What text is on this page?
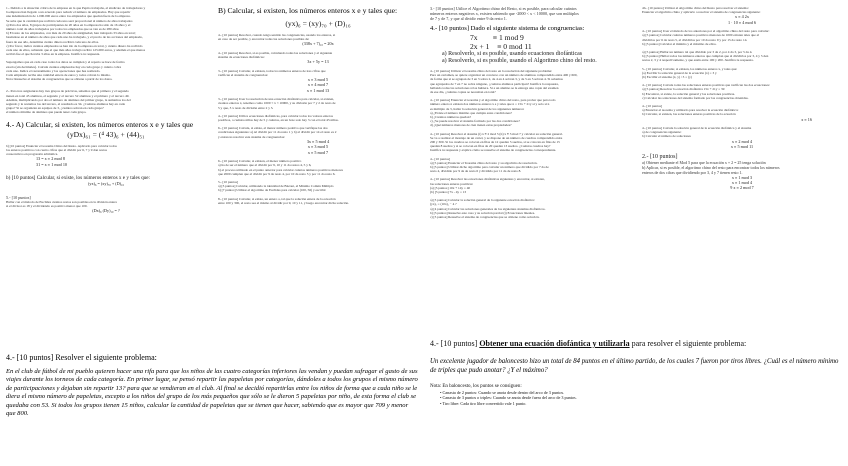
1.- Debido a la situación crítica de la empresa en la que Pepito trabajaba, el sindicato de trabajadores y
la empresa han llegado a un acuerdo para reducir el número de empleados. Hay que repartir
una indemnización de 1.000.000 euros entre los empleados que quedan fuera de la empresa.
Se sabe que la cantidad que recibirá cada uno será proporcional al número de años trabajados
a) Para dos años, 8 grupos de participantes de 20 años en la empresa ha sido de 16 años y el
número total de años trabajados por todos los empleados que se van es de 280 años
b) El resto de los empleados, con más de 20 años de antigüedad, han trabajado 33 años en total;
basándose en el número de años que cada uno ha trabajado, y el precio de las acciones del empleado,
fuera de ese año, determina cuánto dinero recibirá cada uno de ellos.
c) Por favor, indica cuántos empleados se han ido de la empresa en total, y cuánto dinero ha recibido
cada uno de ellos, sabiendo que el que más años trabajó recibió 125.000 euros, y además el que menos
recibió fue el que llevaba 3 años en la empresa. Justifica tu respuesta.
Supongamos que en cada caso todos los datos se cumplen y el reparto se hace de forma
exacta (sin decimales). Calcula cuántos empleados hay en cada grupo y cuánto cobra
cada uno. Indica el razonamiento y las operaciones que has realizado.
Cada empleado recibe una cantidad entera de euros y todos cobran lo mismo.
Nota: Resuelve el sistema de congruencias que se obtiene a partir de los datos.
2.- Para tres asignaturas hay tres grupos de prácticas, sabemos que el primero y el segundo
tienen en total 45 alumnos, el segundo y el tercero 52 alumnos y el primero y el tercero 49.
Además, multiplicando por dos el número de alumnos del primer grupo, le sumamos los del
segundo y le restamos los del tercero, el resultado es 34. ¿Cuántos alumnos hay en cada
grupo? Si se organizan en equipos de 3, ¿cuántos sobran en cada grupo?
el número mínimo de alumnos que puede tener cada grupo.
4.- A) Calcular, si existen, los números enteros x e y tales que
(yDx)₆₁ = (⁴ 43)₆ + (44)₅₁
b) [10 puntos] Enunciar el teorema Chino del Resto. Aplicarlo para calcular todos
los enteros positivos con cuatro cifras que al dividir por 6, 7 y 9 dan restos
consecutivos en progresión aritmética.
13 = x ≡ 2 mod 8
31 = x ≡ 1 mod 10
b) [10 puntos] Calcular, si existe, los números enteros x e y tales que:
(yx)₆ = (xy)₇₀ + (D)₁₆
5.- [10 puntos]
Hallar con el método de Euclides cuántos restos son posibles en la división entera
si el divisor es 18 y el dividendo es positivo menor que 100.
(Dx)₆ (Dy)₁₀ = ?
B) Calcular, si existen, los números enteros x e y tales que:
(yx)₆ = (xy)₇₀ + (D)₁₆
4.- [10 puntos] Resolver, cuando tenga sentido las congruencias, usando los enteros, si
en caso de ser posible, y encontrar todas las soluciones posibles de:
(338x + 7)₁₀ = 20x
4.- [10 puntos] Resolver, si es posible, calculando todas las soluciones y el siguiente
sistema de ecuaciones diofánticas:
3x + 5y = 13
3.- [10 puntos] Calcular, si existen, todos los números enteros de tres cifras que
verifican el sistema de congruencias:
x ≡ 3 mod 5
x ≡ 4 mod 7
x ≡ 1 mod 13
3.- [10 puntos] Usar la resolución de una ecuación diofántica para calcular, si existen,
cuantos enteros x, tenemos como 1000 < x < 10000, y su división por 7 y 2 da resto de
5 y que, 3 x resto de división entre 2 y 3.
4.- [10 puntos] Utilice ecuaciones diofánticas, para calcular todos los valores enteros
positivos, a cuántos niños hay de 5 y cuántos, en un bote solo hay 3 con el total 45 niños.
6.- [10 puntos] Calcule, si existe, el menor número positivo que verifique las dos
condiciones siguientes: a) Al dividir por 11 da resto 1 y b) al dividir por 14 el resto es 2
y entonces resolver este sistema de congruencias:
3x ≡ 5 mod 4
x ≡ 3 mod 5
x ≡ 5 mod 7
6.- [10 puntos] Calcular, si existen, el menor número positivo
a) ha de ser el número que al dividir por 9, 10 y 11 da restos 4, 5 y 6,
b) el proceso utilizado en el punto anterior para calcular cuántos números positivos menores
que 2000 cumplen que al dividir por 9 da resto 4, por 10 da resto 5 y por 11 da resto 6.
5.- [10 puntos]
a) [3 puntos] Calcular, utilizando la identidad de Bézout, el Mínimo Común Múltiplo
b) [7 puntos] Utilizar el algoritmo de Euclides para calcular (100, 56) y escribir
8.- [10 puntos] Calcular, si existe, un entero a, tal que la solución entera de la ecuación
entre 100 y 300, el resto sea el mismo al dividir por 9, 10 y 11, y luego encontrar dicha solución.
3.- [10 puntos] Utilice el Algoritmo chino del Resto, si es posible, para calcular cuántos
números enteros negativos x, existen sabiendo que -2000 < x < 10000, que son múltiplos
de 7 y de 7, y que al dividir entre 9 da resto 1.
4.- [10 puntos] Dado el siguiente sistema de congruencias:
7x        ≡ 1 mod 9
2x + 1    ≡ 0 mod 11
a) Resolverlo, si es posible, usando ecuaciones diofánticas
a) Resolverlo, si es posible, usando el Algoritmo chino del resto.
4.- [10 puntos] Utilizar el teorema chino del resto en la resolución del siguiente problema:
Para un certamen, se quiere organizar un concurso con un número de alumnos comprendido entre 400 y 600,
de forma que si se agrupan de 3 en 3 sobra 2, de 4 en 4 sobran 3, y de 5 en 5 sobran 4. Si sabemos
que agrupados de 7 en 7 no sobra ninguno, ¿cuántos alumnos participan? Justifica la respuesta,
hallando todas las soluciones si las hubiera. Si a un alumno se le entrega una copia del examen
de ese día, ¿cuántas copias se necesitan en total?
4.- [10 puntos] Enunciar el teorema y el algoritmo chino del resto, para probar que para todo
número entero n existen dos números enteros x e y tales que n = 15x + 21y si y solo si n
es múltiplo de 3, hallar la solución general de los siguientes números:
a) ¿Existe el número mínimo que cumpla estas condiciones?
b) ¿Cuántos números quedan?
c) ¿Se puede resolver el sistema formado por las dos condiciones?
d) ¿Qué números menores de cien tienen estas propiedades?
4.- [10 puntos] Resolver el sistema (i) x ≡ 2 mod 5 (ii) x ≡ 3 mod 7 y calcular su solución general.
Se va a realizar el montaje de un cartel, y se dispone de un número de cuadros comprendido entre
200 y 300. Si los cuadros se colocan en filas de 12 quedan 5 sueltos, si se colocan en filas de 15
quedan 8 sueltos y si se colocan en filas de 20 quedan 13 sueltos. ¿Cuántos cuadros hay?
Justifica tu respuesta y explica cómo se resuelve el sistema de congruencias correspondiente.
4.- [10 puntos]
a) [5 puntos] Enunciar el Teorema chino del resto y su algoritmo de resolución.
b) [5 puntos] Utilizar dicho algoritmo para calcular un número que dividido por 7 da de
resto 4, dividido por 9 da de resto 6 y dividido por 11 da de resto 8.
4.- [10 puntos] Resolver las ecuaciones diofánticas siguientes y encontrar, si existen,
las soluciones enteras positivas:
(a) [5 puntos] 10x + 14y = 40
(b) [5 puntos] 7x - 4y = 13
a) [3 puntos] Calcular la solución general de la siguiente ecuación diofántica:
(yx)₅ = (10x)₆ − 4 ?
a) [4 puntos] Calcular las soluciones generales de los siguientes sistemas diofánticos.
b) [3 puntos] Resuelve este caso y su solución parcial (i) Ecuaciones lineales.
c) [3 puntos] Resuelve el sistema de congruencias que se obtiene como solución.
4b.- [10 puntos] Utilizar el Algoritmo chino del Resto para resolver el sistema:
Enunciar el algoritmo chino y aplicarlo a resolver el sistema de congruencias siguiente:
x ≡ 4 2x
1 · 10 ≡ 4 mod 6
4.- [10 puntos] Usar el método de los anteriores por el algoritmo chino del resto para calcular:
a) [5 puntos] Calcular cuántos números positivos menores de 1000 existen tales que al
dividirlos por 6 da resto 5, al dividirlos por 10 da resto 9 y por 15 da resto 14.
b) [5 puntos] Calcular el mínimo y el máximo de ellos.
a) [5 puntos] Hallar un número tal que dividido por 3 da 2, por 4 da 3, por 5 da 4.
b) [5 puntos] Hallar todos los números enteros que cumplan que al dividirlos por 3, 4 y 5 den
restos 2, 3 y 4 respectivamente, y que estén entre 100 y 200. Justifica tu respuesta.
5.- [10 puntos] Calcular, si existen, los números enteros x, y tales que:
(a) Escribir la solución general de la ecuación (x) = 3 y
(b) Escribir el sistema (x, y) / 3 = (y)
4.- [10 puntos] Calcule todas las soluciones enteras positivas que verifican las dos ecuaciones:
a) [5 puntos] Resolver la ecuación diofántica 15x + 21y = 39
b) Encontrar, si existe, la solución general y las soluciones positivas.
c) Calcular las soluciones del sistema formado por las congruencias obtenidas.
4.- [10 puntos]
a) Enunciar el teorema y utilizarlo para resolver la ecuación diofántica:
b) Calcular, si existen, las soluciones enteras positivas de la ecuación
x ≡ 16
4.- [10 puntos] Calcule la solución general de la ecuación diofántica y el sistema
a) de congruencias siguiente:
b) Calcular el número de soluciones
x ≡ 2 mod 4
x ≡ 5 mod 11
2.- [10 puntos]
a) Obtener mediante el Mod 5 para que la ecuación x + 2 = 25 tenga solución
b) Aplicar, si es posible, el algoritmo chino del resto para encontrar todos los números
enteros de dos cifras que dividiendo por 3, 4 y 7 tienen resto 1.
x ≡ 1 mod 3
x ≡ 1 mod 4
9 x ≡ 2 mod 7
4.- [10 puntos] Resolver el siguiente problema:
En el club de fútbol de mi pueblo quieren hacer una rifa para que los niños de las cuatro categorías inferiores las vendan y puedan sufragar el gasto de sus viajes durante los torneos de cada categoría. En primer lugar, se pensó repartir las papeletas por categorías, dándoles a todos los grupos el mismo número de participaciones y dejaban sin repartir 13? para que se vendieran en el club. Al final se decidió repartirlas entre los niños de forma que a cada niño se le diera el mismo número de papeletas, excepto a los niños del grupo de los más pequeños que sólo se le dieron 5 papeletas por niño, de esta forma el club se quedaba con 53. Si todos los grupos tienen 15 niños, calcular la cantidad de papeletas que se tienen que hacer, sabiendo que es mayor que 709 y menor que 800.
4.- [10 puntos] Obtener una ecuación diofántica y utilizarla para resolver el siguiente problema:
Un excelente jugador de baloncesto hizo un total de 84 puntos en el último partido, de los cuales 7 fueron por tiros libres. ¿Cuál es el número mínimo de triples que pudo anotar? ¿Y el máximo?
Nota: En baloncesto, los puntos se consiguen:
• Canasta de 2 puntos: Cuando se anota desde dentro del arco de 3 puntos.
• Canasta de 3 puntos o triples: Cuando se anota desde fuera del arco de 3 puntos.
• Tiro libre: Cada tiro libre convertido vale 1 punto.
